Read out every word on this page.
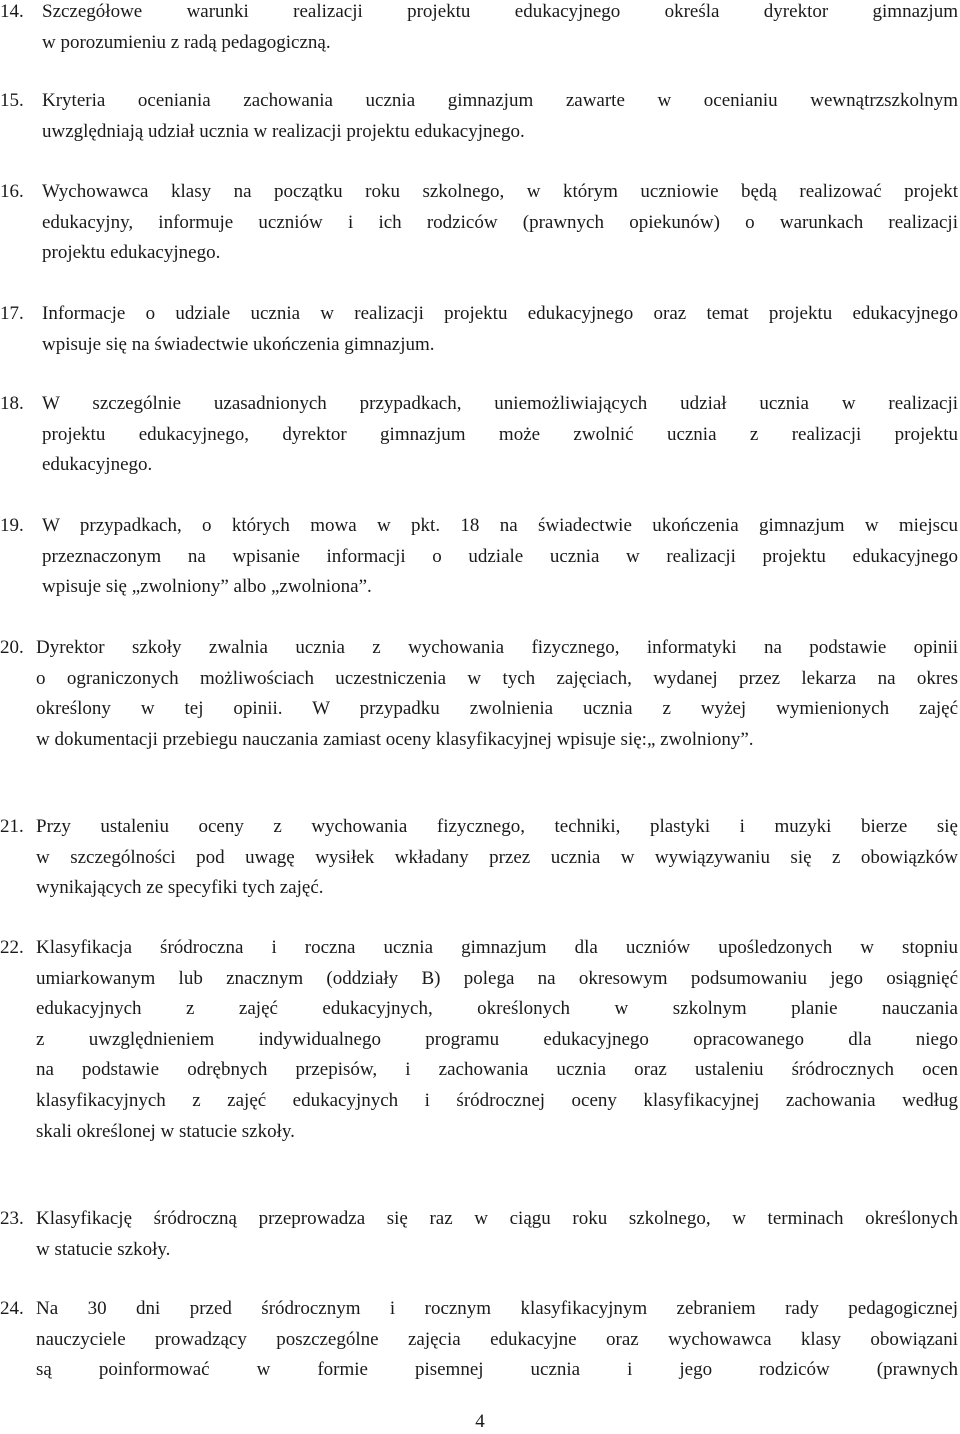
14. Szczegółowe warunki realizacji projektu edukacyjnego określa dyrektor gimnazjum
w porozumieniu z radą pedagogiczną.
15. Kryteria oceniania zachowania ucznia gimnazjum zawarte w ocenianiu wewnątrzszkolnym
uwzględniają udział ucznia w realizacji projektu edukacyjnego.
16. Wychowawca klasy na początku roku szkolnego, w którym uczniowie będą realizować projekt
edukacyjny, informuje uczniów i ich rodziców (prawnych opiekunów) o warunkach realizacji
projektu edukacyjnego.
17. Informacje o udziale ucznia w realizacji projektu edukacyjnego oraz temat projektu edukacyjnego
wpisuje się na świadectwie ukończenia gimnazjum.
18. W szczególnie uzasadnionych przypadkach, uniemożliwiających udział ucznia w realizacji
projektu edukacyjnego, dyrektor gimnazjum może zwolnić ucznia z realizacji projektu
edukacyjnego.
19. W przypadkach, o których mowa w pkt. 18 na świadectwie ukończenia gimnazjum w miejscu
przeznaczonym na wpisanie informacji o udziale ucznia w realizacji projektu edukacyjnego
wpisuje się „zwolniony” albo „zwolniona”.
20. Dyrektor szkoły zwalnia ucznia z wychowania fizycznego, informatyki na podstawie opinii
o ograniczonych możliwościach uczestniczenia w tych zajęciach, wydanej przez lekarza na okres
określony w tej opinii. W przypadku zwolnienia ucznia z wyżej wymienionych zajęć
w dokumentacji przebiegu nauczania zamiast oceny klasyfikacyjnej wpisuje się:„ zwolniony”.
21. Przy ustaleniu oceny z wychowania fizycznego, techniki, plastyki i muzyki bierze się
w szczególności pod uwagę wysiłek wkładany przez ucznia w wywiązywaniu się z obowiązków
wynikających ze specyfiki tych zajęć.
22. Klasyfikacja śródroczna i roczna ucznia gimnazjum dla uczniów upośledzonych w stopniu
umiarkowanym lub znacznym (oddziały B) polega na okresowym podsumowaniu jego osiągnięć
edukacyjnych z zajęć edukacyjnych, określonych w szkolnym planie nauczania
z uwzględnieniem indywidualnego programu edukacyjnego opracowanego dla niego
na podstawie odrębnych przepisów, i zachowania ucznia oraz ustaleniu śródrocznych ocen
klasyfikacyjnych z zajęć edukacyjnych i śródrocznej oceny klasyfikacyjnej zachowania według
skali określonej w statucie szkoły.
23. Klasyfikację śródroczną przeprowadza się raz w ciągu roku szkolnego, w terminach określonych
w statucie szkoły.
24. Na 30 dni przed śródrocznym i rocznym klasyfikacyjnym zebraniem rady pedagogicznej
nauczyciele prowadzący poszczególne zajęcia edukacyjne oraz wychowawca klasy obowiązani
są poinformować w formie pisemnej ucznia i jego rodziców (prawnych
4
